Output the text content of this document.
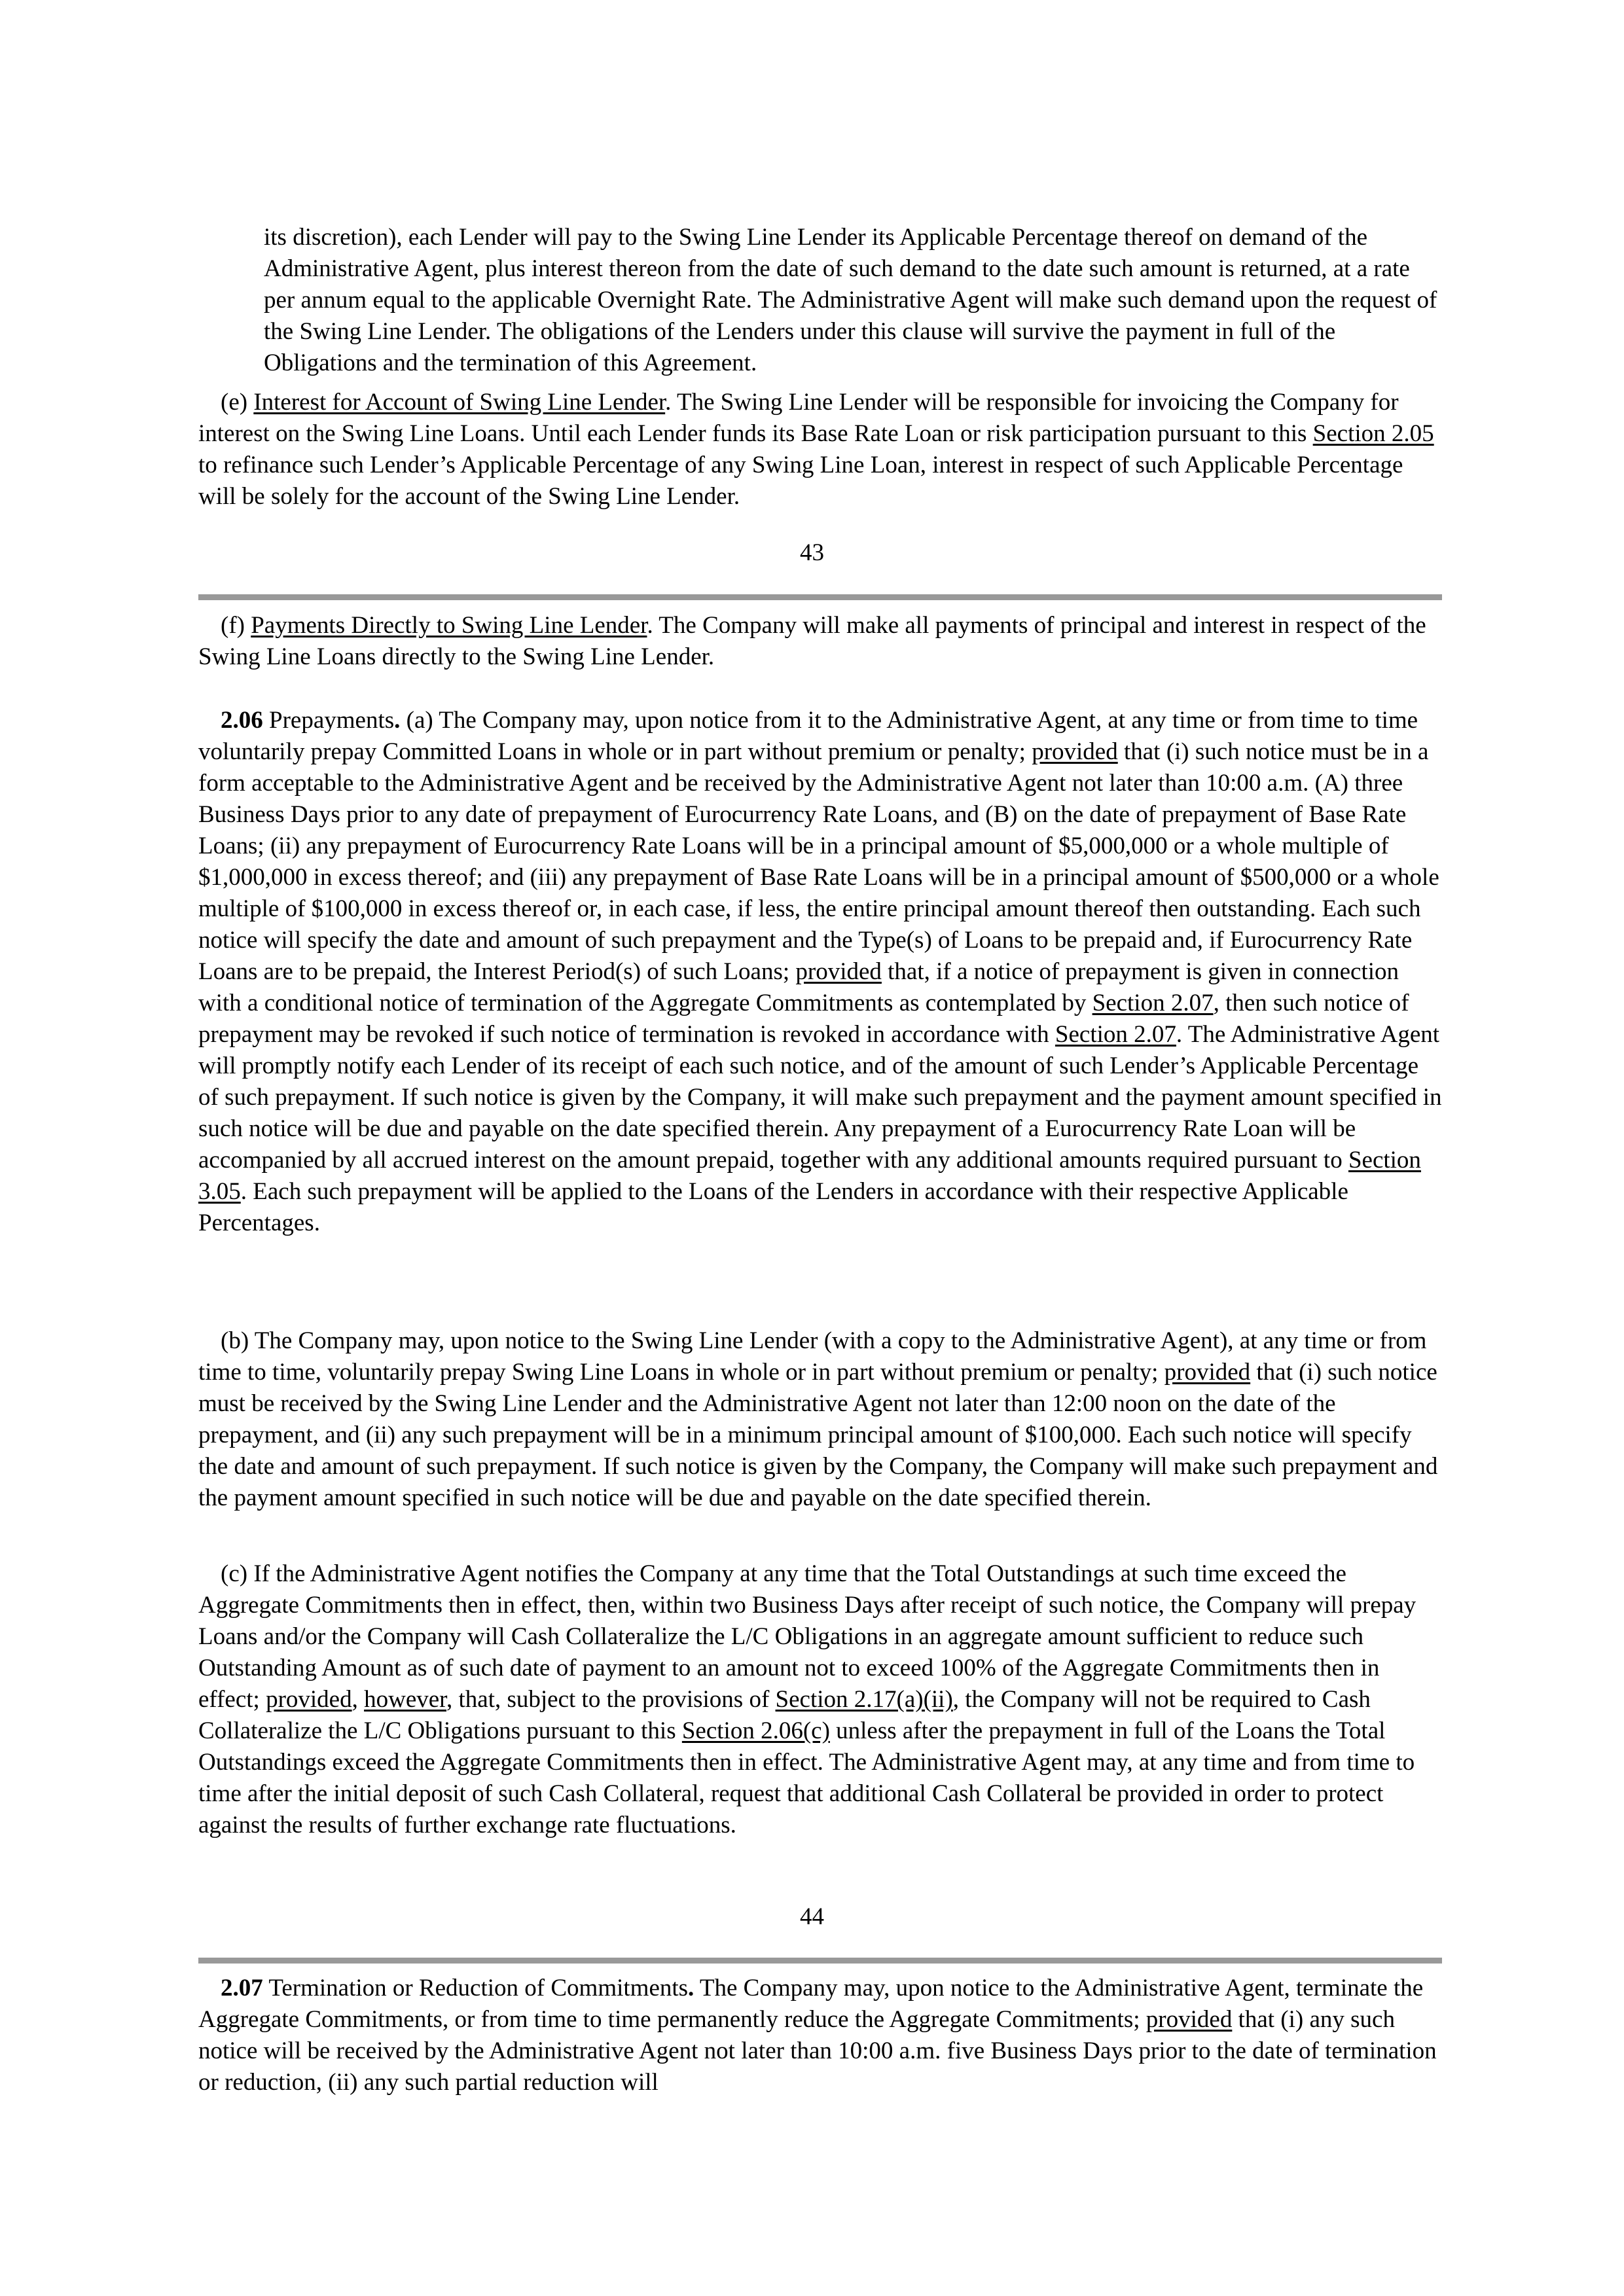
its discretion), each Lender will pay to the Swing Line Lender its Applicable Percentage thereof on demand of the Administrative Agent, plus interest thereon from the date of such demand to the date such amount is returned, at a rate per annum equal to the applicable Overnight Rate. The Administrative Agent will make such demand upon the request of the Swing Line Lender. The obligations of the Lenders under this clause will survive the payment in full of the Obligations and the termination of this Agreement.

(e) Interest for Account of Swing Line Lender. The Swing Line Lender will be responsible for invoicing the Company for interest on the Swing Line Loans. Until each Lender funds its Base Rate Loan or risk participation pursuant to this Section 2.05 to refinance such Lender’s Applicable Percentage of any Swing Line Loan, interest in respect of such Applicable Percentage will be solely for the account of the Swing Line Lender.

43

(f) Payments Directly to Swing Line Lender. The Company will make all payments of principal and interest in respect of the Swing Line Loans directly to the Swing Line Lender.

2.06 Prepayments. (a) The Company may, upon notice from it to the Administrative Agent, at any time or from time to time voluntarily prepay Committed Loans in whole or in part without premium or penalty; provided that (i) such notice must be in a form acceptable to the Administrative Agent and be received by the Administrative Agent not later than 10:00 a.m. (A) three Business Days prior to any date of prepayment of Eurocurrency Rate Loans, and (B) on the date of prepayment of Base Rate Loans; (ii) any prepayment of Eurocurrency Rate Loans will be in a principal amount of $5,000,000 or a whole multiple of $1,000,000 in excess thereof; and (iii) any prepayment of Base Rate Loans will be in a principal amount of $500,000 or a whole multiple of $100,000 in excess thereof or, in each case, if less, the entire principal amount thereof then outstanding. Each such notice will specify the date and amount of such prepayment and the Type(s) of Loans to be prepaid and, if Eurocurrency Rate Loans are to be prepaid, the Interest Period(s) of such Loans; provided that, if a notice of prepayment is given in connection with a conditional notice of termination of the Aggregate Commitments as contemplated by Section 2.07, then such notice of prepayment may be revoked if such notice of termination is revoked in accordance with Section 2.07. The Administrative Agent will promptly notify each Lender of its receipt of each such notice, and of the amount of such Lender’s Applicable Percentage of such prepayment. If such notice is given by the Company, it will make such prepayment and the payment amount specified in such notice will be due and payable on the date specified therein. Any prepayment of a Eurocurrency Rate Loan will be accompanied by all accrued interest on the amount prepaid, together with any additional amounts required pursuant to Section 3.05. Each such prepayment will be applied to the Loans of the Lenders in accordance with their respective Applicable Percentages.

(b) The Company may, upon notice to the Swing Line Lender (with a copy to the Administrative Agent), at any time or from time to time, voluntarily prepay Swing Line Loans in whole or in part without premium or penalty; provided that (i) such notice must be received by the Swing Line Lender and the Administrative Agent not later than 12:00 noon on the date of the prepayment, and (ii) any such prepayment will be in a minimum principal amount of $100,000. Each such notice will specify the date and amount of such prepayment. If such notice is given by the Company, the Company will make such prepayment and the payment amount specified in such notice will be due and payable on the date specified therein.

(c) If the Administrative Agent notifies the Company at any time that the Total Outstandings at such time exceed the Aggregate Commitments then in effect, then, within two Business Days after receipt of such notice, the Company will prepay Loans and/or the Company will Cash Collateralize the L/C Obligations in an aggregate amount sufficient to reduce such Outstanding Amount as of such date of payment to an amount not to exceed 100% of the Aggregate Commitments then in effect; provided, however, that, subject to the provisions of Section 2.17(a)(ii), the Company will not be required to Cash Collateralize the L/C Obligations pursuant to this Section 2.06(c) unless after the prepayment in full of the Loans the Total Outstandings exceed the Aggregate Commitments then in effect. The Administrative Agent may, at any time and from time to time after the initial deposit of such Cash Collateral, request that additional Cash Collateral be provided in order to protect against the results of further exchange rate fluctuations.

44

2.07 Termination or Reduction of Commitments. The Company may, upon notice to the Administrative Agent, terminate the Aggregate Commitments, or from time to time permanently reduce the Aggregate Commitments; provided that (i) any such notice will be received by the Administrative Agent not later than 10:00 a.m. five Business Days prior to the date of termination or reduction, (ii) any such partial reduction will
